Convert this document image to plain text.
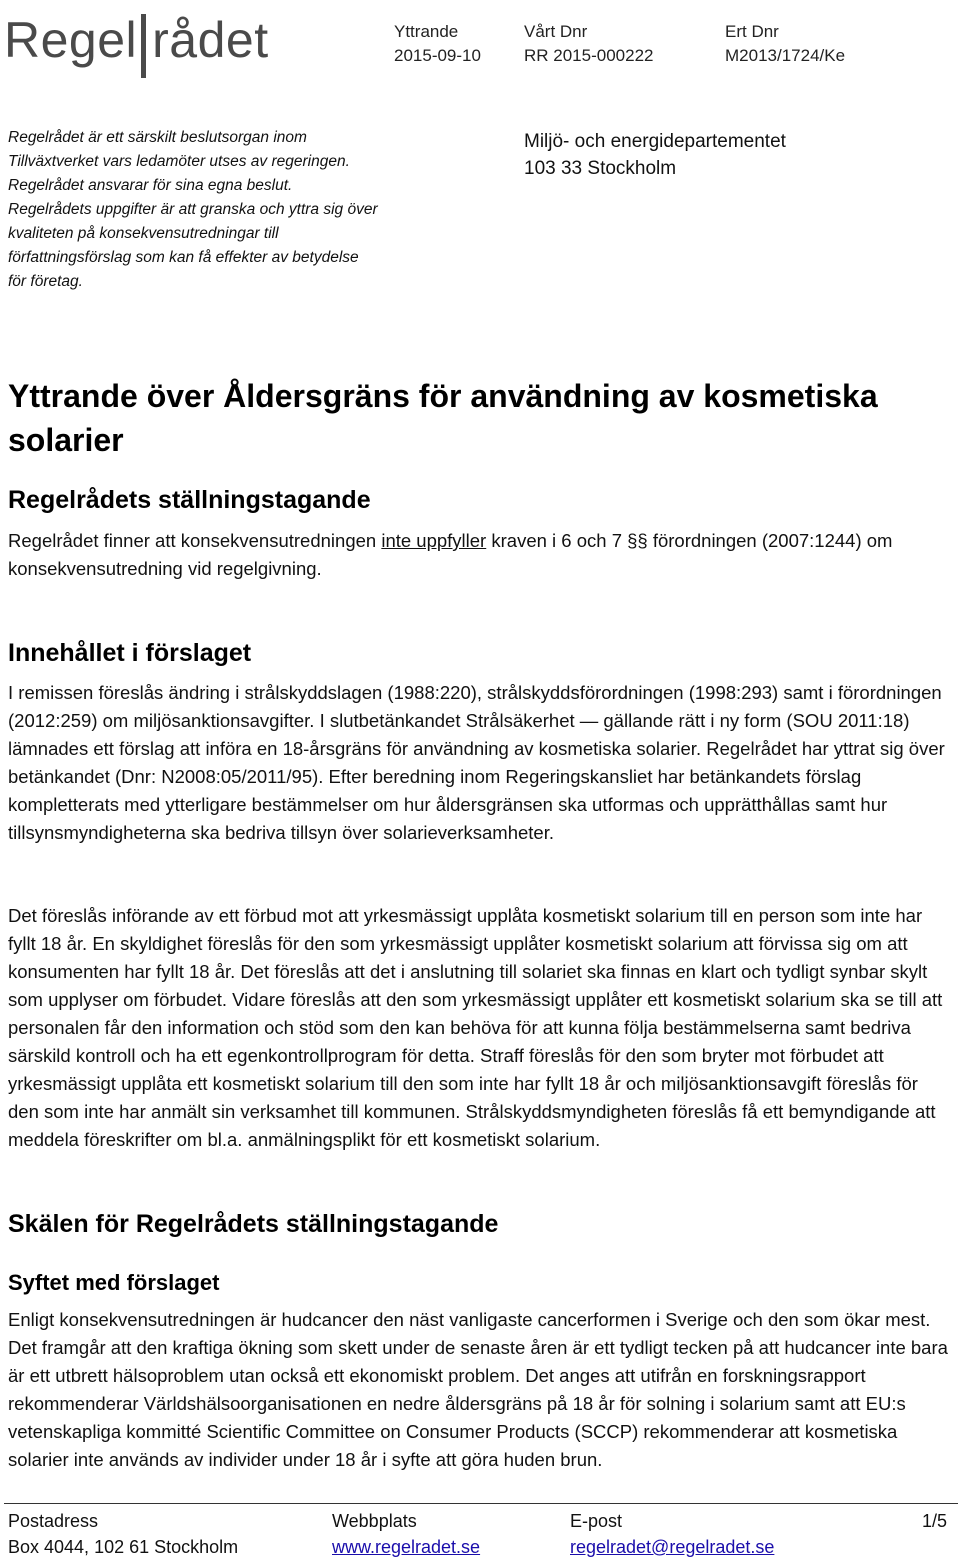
Regel rådet	Yttrande
2015-09-10
Vårt Dnr
RR 2015-000222
Ert Dnr
M2013/1724/Ke
Regelrådet är ett särskilt beslutsorgan inom Tillväxtverket vars ledamöter utses av regeringen. Regelrådet ansvarar för sina egna beslut.
Regelrådets uppgifter är att granska och yttra sig över kvaliteten på konsekvensutredningar till författningsförslag som kan få effekter av betydelse för företag.
Miljö- och energidepartementet
103 33 Stockholm
Yttrande över Åldersgräns för användning av kosmetiska solarier
Regelrådets ställningstagande
Regelrådet finner att konsekvensutredningen inte uppfyller kraven i 6 och 7 §§ förordningen (2007:1244) om konsekvensutredning vid regelgivning.
Innehållet i förslaget
I remissen föreslås ändring i strålskyddslagen (1988:220), strålskyddsförordningen (1998:293) samt i förordningen (2012:259) om miljösanktionsavgifter. I slutbetänkandet Strålsäkerhet — gällande rätt i ny form (SOU 2011:18) lämnades ett förslag att införa en 18-årsgräns för användning av kosmetiska solarier. Regelrådet har yttrat sig över betänkandet (Dnr: N2008:05/2011/95). Efter beredning inom Regeringskansliet har betänkandets förslag kompletterats med ytterligare bestämmelser om hur åldersgränsen ska utformas och upprätthållas samt hur tillsynsmyndigheterna ska bedriva tillsyn över solarieverksamheter.
Det föreslås införande av ett förbud mot att yrkesmässigt upplåta kosmetiskt solarium till en person som inte har fyllt 18 år. En skyldighet föreslås för den som yrkesmässigt upplåter kosmetiskt solarium att förvissa sig om att konsumenten har fyllt 18 år. Det föreslås att det i anslutning till solariet ska finnas en klart och tydligt synbar skylt som upplyser om förbudet. Vidare föreslås att den som yrkesmässigt upplåter ett kosmetiskt solarium ska se till att personalen får den information och stöd som den kan behöva för att kunna följa bestämmelserna samt bedriva särskild kontroll och ha ett egenkontrollprogram för detta. Straff föreslås för den som bryter mot förbudet att yrkesmässigt upplåta ett kosmetiskt solarium till den som inte har fyllt 18 år och miljösanktionsavgift föreslås för den som inte har anmält sin verksamhet till kommunen. Strålskyddsmyndigheten föreslås få ett bemyndigande att meddela föreskrifter om bl.a. anmälningsplikt för ett kosmetiskt solarium.
Skälen för Regelrådets ställningstagande
Syftet med förslaget
Enligt konsekvensutredningen är hudcancer den näst vanligaste cancerformen i Sverige och den som ökar mest. Det framgår att den kraftiga ökning som skett under de senaste åren är ett tydligt tecken på att hudcancer inte bara är ett utbrett hälsoproblem utan också ett ekonomiskt problem. Det anges att utifrån en forskningsrapport rekommenderar Världshälsoorganisationen en nedre åldersgräns på 18 år för solning i solarium samt att EU:s vetenskapliga kommitté Scientific Committee on Consumer Products (SCCP) rekommenderar att kosmetiska solarier inte används av individer under 18 år i syfte att göra huden brun.
Postadress
Box 4044, 102 61 Stockholm
Webbplats
www.regelradet.se
E-post
regelradet@regelradet.se
1/5
